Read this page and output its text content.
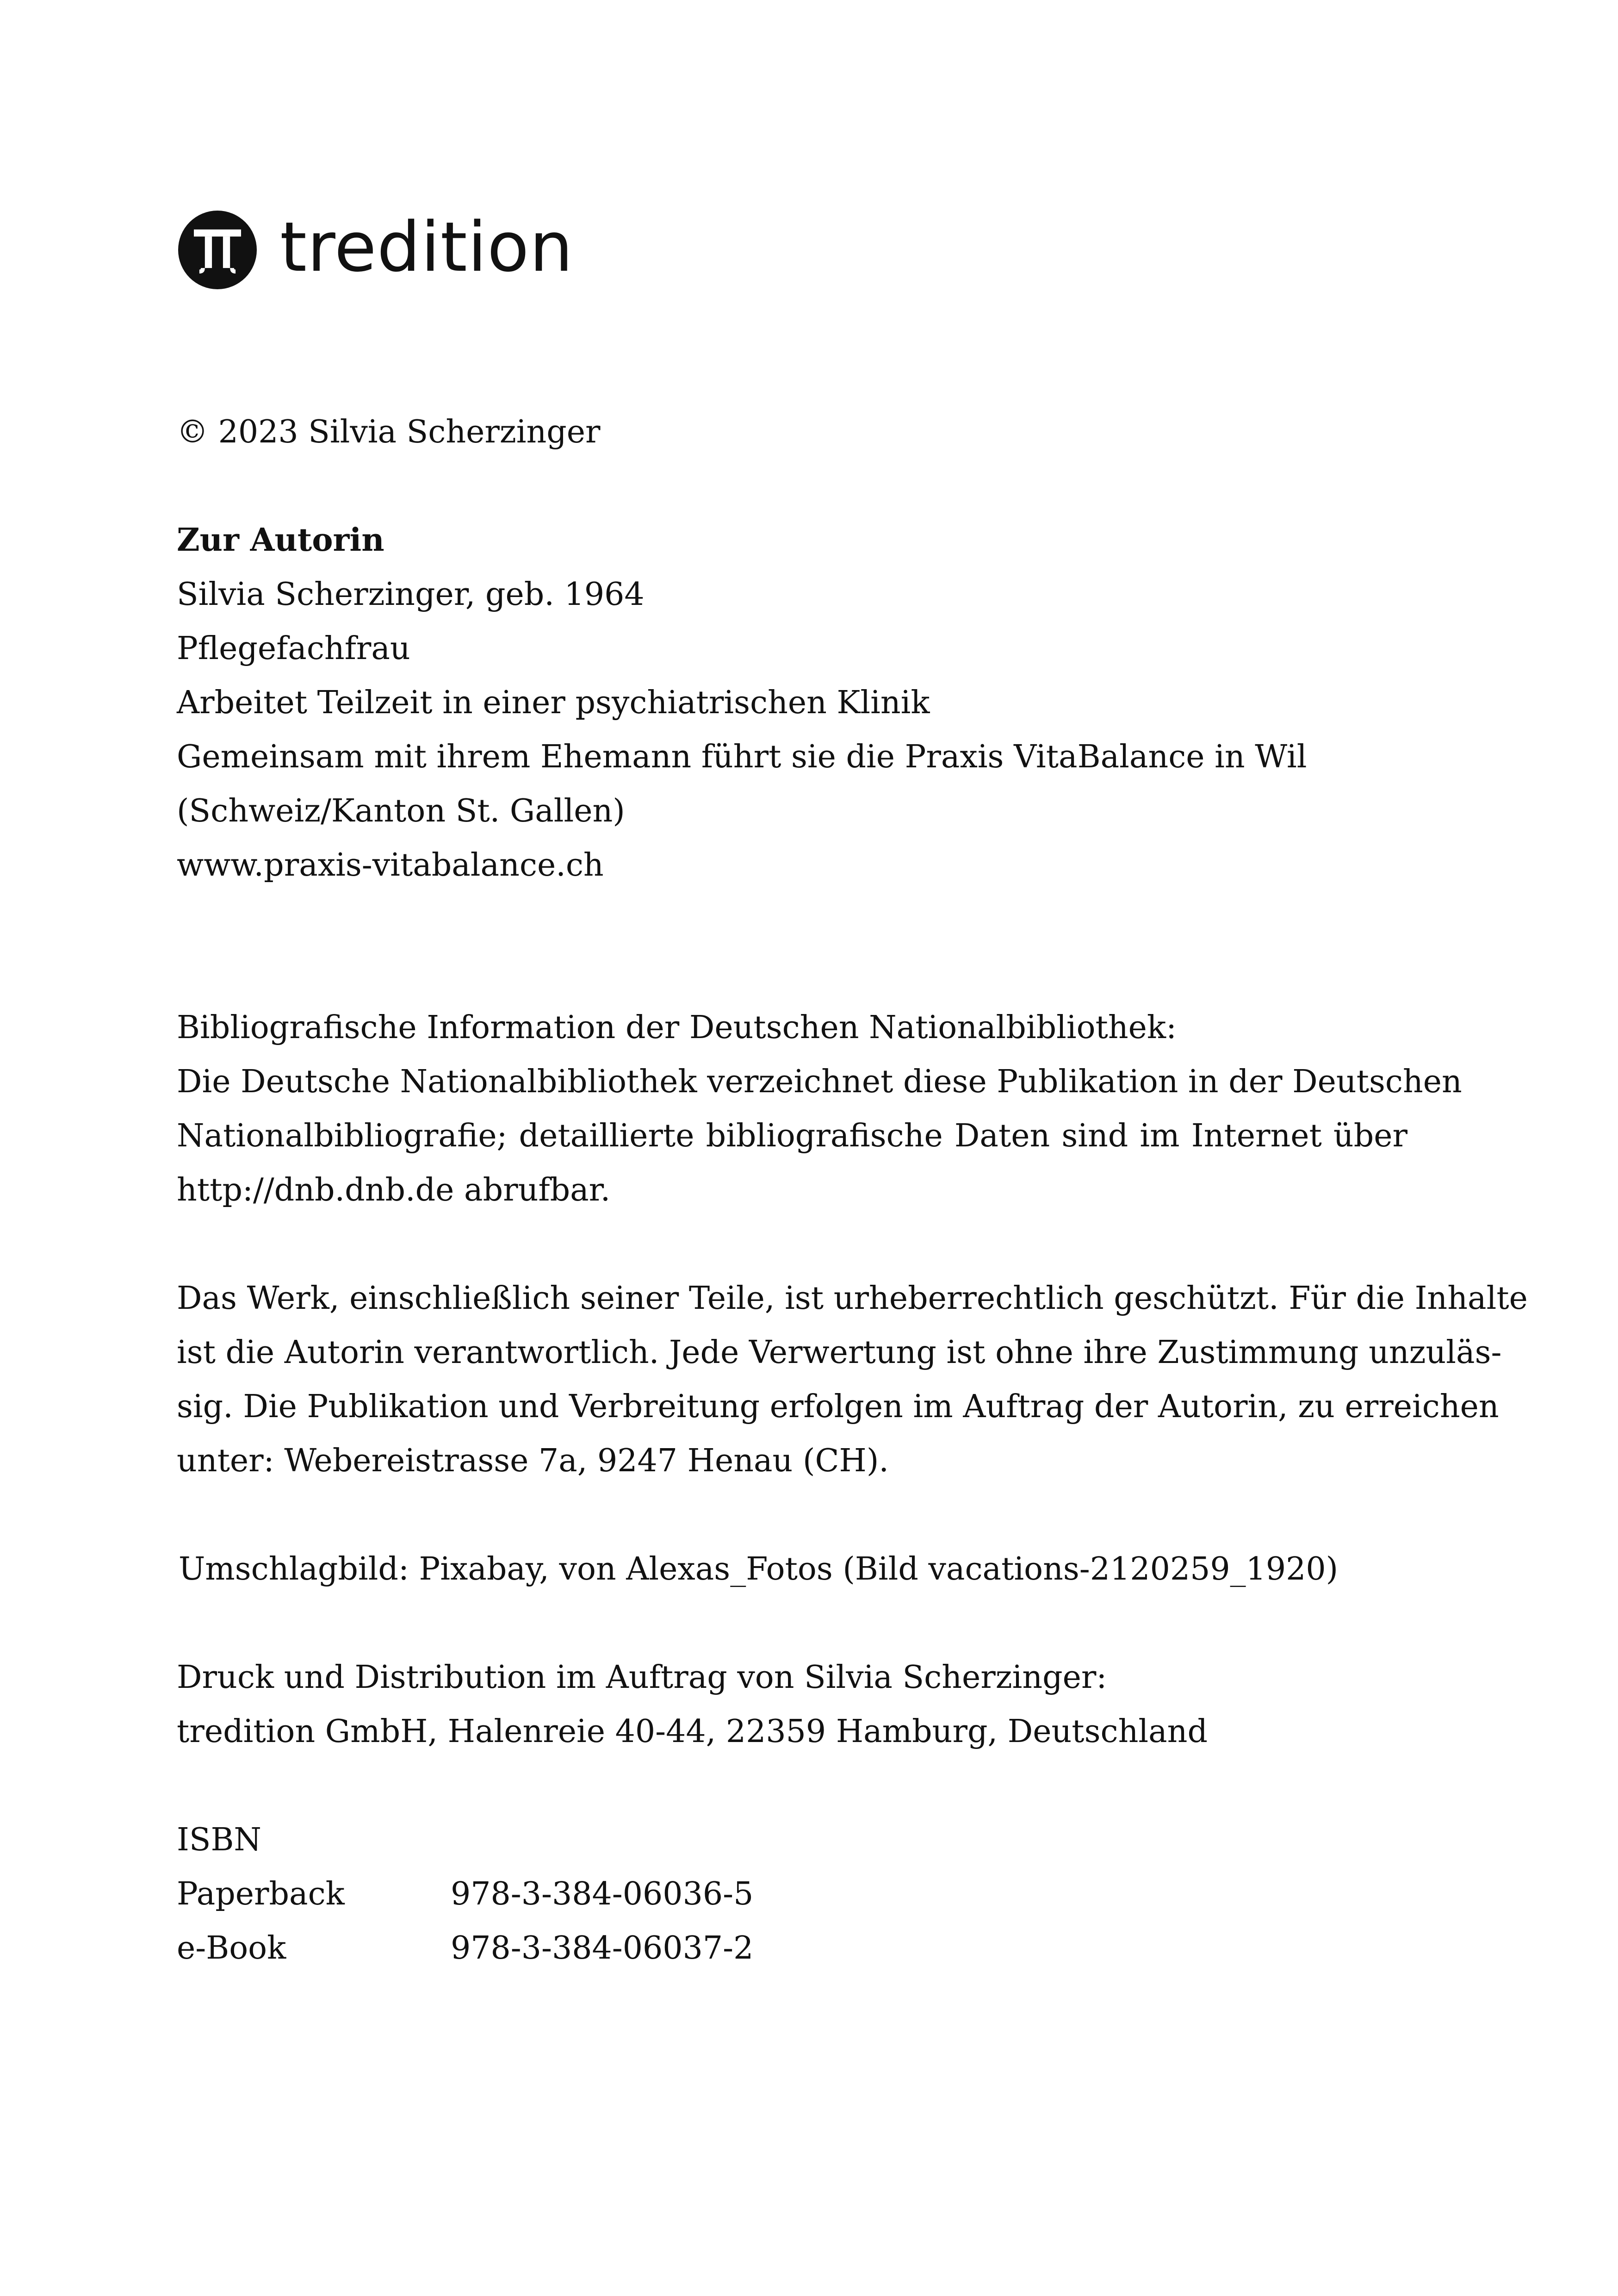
tredition

© 2023 Silvia Scherzinger

Zur Autorin

Silvia Scherzinger, geb. 1964

Pflegefachfrau

Arbeitet Teilzeit in einer psychiatrischen Klinik

Gemeinsam mit ihrem Ehemann führt sie die Praxis VitaBalance in Wil

(Schweiz/Kanton St. Gallen)

www.praxis-vitabalance.ch

Bibliografische Information der Deutschen Nationalbibliothek:

Die Deutsche Nationalbibliothek verzeichnet diese Publikation in der Deutschen

Nationalbibliografie; detaillierte bibliografische Daten sind im Internet über

http://dnb.dnb.de abrufbar.

Das Werk, einschließlich seiner Teile, ist urheberrechtlich geschützt. Für die Inhalte

ist die Autorin verantwortlich. Jede Verwertung ist ohne ihre Zustimmung unzuläs-

sig. Die Publikation und Verbreitung erfolgen im Auftrag der Autorin, zu erreichen

unter: Webereistrasse 7a, 9247 Henau (CH).

Umschlagbild: Pixabay, von Alexas_Fotos (Bild vacations-2120259_1920)

Druck und Distribution im Auftrag von Silvia Scherzinger:

tredition GmbH, Halenreie 40-44, 22359 Hamburg, Deutschland

ISBN

Paperback	978-3-384-06036-5
e-Book	978-3-384-06037-2
